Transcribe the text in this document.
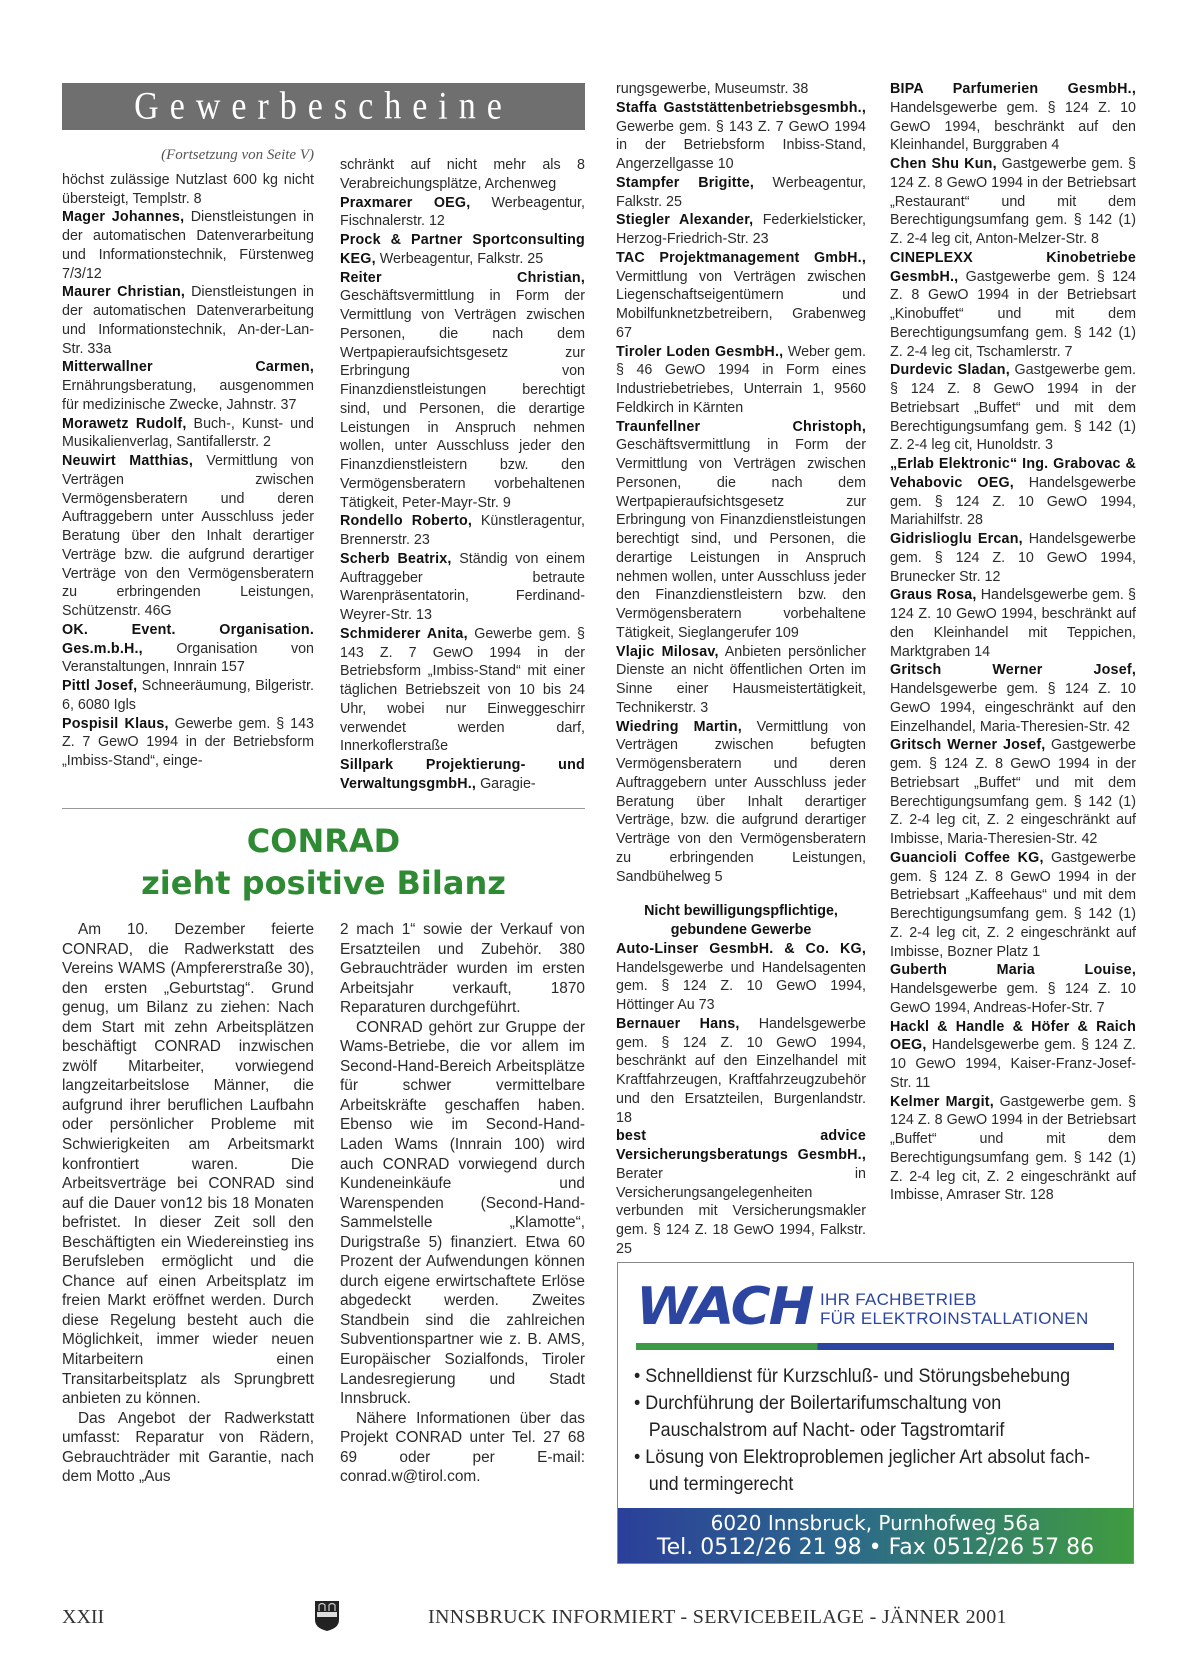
Gewerbescheine

(Fortsetzung von Seite V)

höchst zulässige Nutzlast 600 kg nicht übersteigt, Templstr. 8

Mager Johannes, Dienstleistungen in der automatischen Datenverarbeitung und Informationstechnik, Fürstenweg 7/3/12

Maurer Christian, Dienstleistungen in der automatischen Datenverarbeitung und Informationstechnik, An-der-Lan-Str. 33a

Mitterwallner Carmen, Ernährungsberatung, ausgenommen für medizinische Zwecke, Jahnstr. 37

Morawetz Rudolf, Buch-, Kunst- und Musikalienverlag, Santifallerstr. 2

Neuwirt Matthias, Vermittlung von Verträgen zwischen Vermögensberatern und deren Auftraggebern unter Ausschluss jeder Beratung über den Inhalt derartiger Verträge bzw. die aufgrund derartiger Verträge von den Vermögensberatern zu erbringenden Leistungen, Schützenstr. 46G

OK. Event. Organisation. Ges.m.b.H., Organisation von Veranstaltungen, Innrain 157

Pittl Josef, Schneeräumung, Bilgeristr. 6, 6080 Igls

Pospisil Klaus, Gewerbe gem. § 143 Z. 7 GewO 1994 in der Betriebsform „Imbiss-Stand“, einge-

schränkt auf nicht mehr als 8 Verabreichungsplätze, Archenweg

Praxmarer OEG, Werbeagentur, Fischnalerstr. 12

Prock & Partner Sportconsulting KEG, Werbeagentur, Falkstr. 25

Reiter Christian, Geschäftsvermittlung in Form der Vermittlung von Verträgen zwischen Personen, die nach dem Wertpapieraufsichtsgesetz zur Erbringung von Finanzdienstleistungen berechtigt sind, und Personen, die derartige Leistungen in Anspruch nehmen wollen, unter Ausschluss jeder den Finanzdienstleistern bzw. den Vermögensberatern vorbehaltenen Tätigkeit, Peter-Mayr-Str. 9

Rondello Roberto, Künstleragentur, Brennerstr. 23

Scherb Beatrix, Ständig von einem Auftraggeber betraute Warenpräsentatorin, Ferdinand-Weyrer-Str. 13

Schmiderer Anita, Gewerbe gem. § 143 Z. 7 GewO 1994 in der Betriebsform „Imbiss-Stand“ mit einer täglichen Betriebszeit von 10 bis 24 Uhr, wobei nur Einweggeschirr verwendet werden darf, Innerkoflerstraße

Sillpark Projektierung- und VerwaltungsgmbH., Garagie-

rungsgewerbe, Museumstr. 38

Staffa Gaststättenbetriebsgesmbh., Gewerbe gem. § 143 Z. 7 GewO 1994 in der Betriebsform Inbiss-Stand, Angerzellgasse 10

Stampfer Brigitte, Werbeagentur, Falkstr. 25

Stiegler Alexander, Federkielsticker, Herzog-Friedrich-Str. 23

TAC Projektmanagement GmbH., Vermittlung von Verträgen zwischen Liegenschaftseigentümern und Mobilfunknetzbetreibern, Grabenweg 67

Tiroler Loden GesmbH., Weber gem. § 46 GewO 1994 in Form eines Industriebetriebes, Unterrain 1, 9560 Feldkirch in Kärnten

Traunfellner Christoph, Geschäftsvermittlung in Form der Vermittlung von Verträgen zwischen Personen, die nach dem Wertpapieraufsichtsgesetz zur Erbringung von Finanzdienstleistungen berechtigt sind, und Personen, die derartige Leistungen in Anspruch nehmen wollen, unter Ausschluss jeder den Finanzdienstleistern bzw. den Vermögensberatern vorbehaltene Tätigkeit, Sieglangerufer 109

Vlajic Milosav, Anbieten persönlicher Dienste an nicht öffentlichen Orten im Sinne einer Hausmeistertätigkeit, Technikerstr. 3

Wiedring Martin, Vermittlung von Verträgen zwischen befugten Vermögensberatern und deren Auftraggebern unter Ausschluss jeder Beratung über Inhalt derartiger Verträge, bzw. die aufgrund derartiger Verträge von den Vermögensberatern zu erbringenden Leistungen, Sandbühelweg 5

Nicht bewilligungspflichtige, gebundene Gewerbe

Auto-Linser GesmbH. & Co. KG, Handelsgewerbe und Handelsagenten gem. § 124 Z. 10 GewO 1994, Höttinger Au 73

Bernauer Hans, Handelsgewerbe gem. § 124 Z. 10 GewO 1994, beschränkt auf den Einzelhandel mit Kraftfahrzeugen, Kraftfahrzeugzubehör und den Ersatzteilen, Burgenlandstr. 18

best advice Versicherungsberatungs GesmbH., Berater in Versicherungsangelegenheiten verbunden mit Versicherungsmakler gem. § 124 Z. 18 GewO 1994, Falkstr. 25

BIPA Parfumerien GesmbH., Handelsgewerbe gem. § 124 Z. 10 GewO 1994, beschränkt auf den Kleinhandel, Burggraben 4

Chen Shu Kun, Gastgewerbe gem. § 124 Z. 8 GewO 1994 in der Betriebsart „Restaurant“ und mit dem Berechtigungsumfang gem. § 142 (1) Z. 2-4 leg cit, Anton-Melzer-Str. 8

CINEPLEXX Kinobetriebe GesmbH., Gastgewerbe gem. § 124 Z. 8 GewO 1994 in der Betriebsart „Kinobuffet“ und mit dem Berechtigungsumfang gem. § 142 (1) Z. 2-4 leg cit, Tschamlerstr. 7

Durdevic Sladan, Gastgewerbe gem. § 124 Z. 8 GewO 1994 in der Betriebsart „Buffet“ und mit dem Berechtigungsumfang gem. § 142 (1) Z. 2-4 leg cit, Hunoldstr. 3

„Erlab Elektronic“ Ing. Grabovac & Vehabovic OEG, Handelsgewerbe gem. § 124 Z. 10 GewO 1994, Mariahilfstr. 28

Gidrislioglu Ercan, Handelsgewerbe gem. § 124 Z. 10 GewO 1994, Brunecker Str. 12

Graus Rosa, Handelsgewerbe gem. § 124 Z. 10 GewO 1994, beschränkt auf den Kleinhandel mit Teppichen, Marktgraben 14

Gritsch Werner Josef, Handelsgewerbe gem. § 124 Z. 10 GewO 1994, eingeschränkt auf den Einzelhandel, Maria-Theresien-Str. 42

Gritsch Werner Josef, Gastgewerbe gem. § 124 Z. 8 GewO 1994 in der Betriebsart „Buffet“ und mit dem Berechtigungsumfang gem. § 142 (1) Z. 2-4 leg cit, Z. 2 eingeschränkt auf Imbisse, Maria-Theresien-Str. 42

Guancioli Coffee KG, Gastgewerbe gem. § 124 Z. 8 GewO 1994 in der Betriebsart „Kaffeehaus“ und mit dem Berechtigungsumfang gem. § 142 (1) Z. 2-4 leg cit, Z. 2 eingeschränkt auf Imbisse, Bozner Platz 1

Guberth Maria Louise, Handelsgewerbe gem. § 124 Z. 10 GewO 1994, Andreas-Hofer-Str. 7

Hackl & Handle & Höfer & Raich OEG, Handelsgewerbe gem. § 124 Z. 10 GewO 1994, Kaiser-Franz-Josef-Str. 11

Kelmer Margit, Gastgewerbe gem. § 124 Z. 8 GewO 1994 in der Betriebsart „Buffet“ und mit dem Berechtigungsumfang gem. § 142 (1) Z. 2-4 leg cit, Z. 2 eingeschränkt auf Imbisse, Amraser Str. 128

CONRAD
zieht positive Bilanz

Am 10. Dezember feierte CONRAD, die Radwerkstatt des Vereins WAMS (Ampfererstraße 30), den ersten „Geburtstag“. Grund genug, um Bilanz zu ziehen: Nach dem Start mit zehn Arbeitsplätzen beschäftigt CONRAD inzwischen zwölf Mitarbeiter, vorwiegend langzeitarbeitslose Männer, die aufgrund ihrer beruflichen Laufbahn oder persönlicher Probleme mit Schwierigkeiten am Arbeitsmarkt konfrontiert waren. Die Arbeitsverträge bei CONRAD sind auf die Dauer von12 bis 18 Monaten befristet. In dieser Zeit soll den Beschäftigten ein Wiedereinstieg ins Berufsleben ermöglicht und die Chance auf einen Arbeitsplatz im freien Markt eröffnet werden. Durch diese Regelung besteht auch die Möglichkeit, immer wieder neuen Mitarbeitern einen Transitarbeitsplatz als Sprungbrett anbieten zu können.

Das Angebot der Radwerkstatt umfasst: Reparatur von Rädern, Gebrauchträder mit Garantie, nach dem Motto „Aus

2 mach 1“ sowie der Verkauf von Ersatzteilen und Zubehör. 380 Gebrauchträder wurden im ersten Arbeitsjahr verkauft, 1870 Reparaturen durchgeführt.

CONRAD gehört zur Gruppe der Wams-Betriebe, die vor allem im Second-Hand-Bereich Arbeitsplätze für schwer vermittelbare Arbeitskräfte geschaffen haben. Ebenso wie im Second-Hand-Laden Wams (Innrain 100) wird auch CONRAD vorwiegend durch Kundeneinkäufe und Warenspenden (Second-Hand-Sammelstelle „Klamotte“, Durigstraße 5) finanziert. Etwa 60 Prozent der Aufwendungen können durch eigene erwirtschaftete Erlöse abgedeckt werden. Zweites Standbein sind die zahlreichen Subventionspartner wie z. B. AMS, Europäischer Sozialfonds, Tiroler Landesregierung und Stadt Innsbruck.

Nähere Informationen über das Projekt CONRAD unter Tel. 27 68 69 oder per E-mail: conrad.w@tirol.com.

WACH IHR FACHBETRIEB
FÜR ELEKTROINSTALLATIONEN
• Schnelldienst für Kurzschluß- und Störungsbehebung
• Durchführung der Boilertarifumschaltung von Pauschalstrom auf Nacht- oder Tagstromtarif
• Lösung von Elektroproblemen jeglicher Art absolut fach- und termingerecht
6020 Innsbruck, Purnhofweg 56a
Tel. 0512/26 21 98 • Fax 0512/26 57 86
XXII	INNSBRUCK INFORMIERT - SERVICEBEILAGE - JÄNNER 2001
